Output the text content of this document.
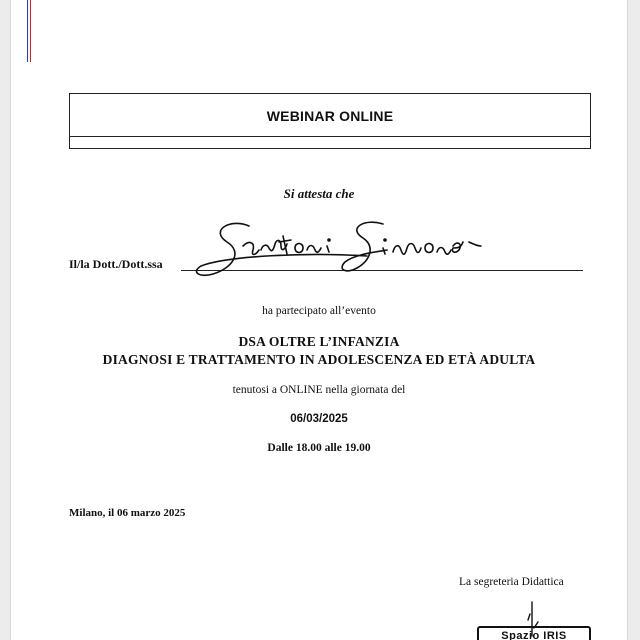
WEBINAR ONLINE
Si attesta che
Il/la Dott./Dott.ssa
Santoni Simona
ha partecipato all’evento
DSA OLTRE L’INFANZIA
DIAGNOSI E TRATTAMENTO IN ADOLESCENZA ED ETÀ ADULTA
tenutosi a ONLINE nella giornata del
06/03/2025
Dalle 18.00 alle 19.00
Milano, il 06 marzo 2025
La segreteria Didattica
Spazio IRIS
